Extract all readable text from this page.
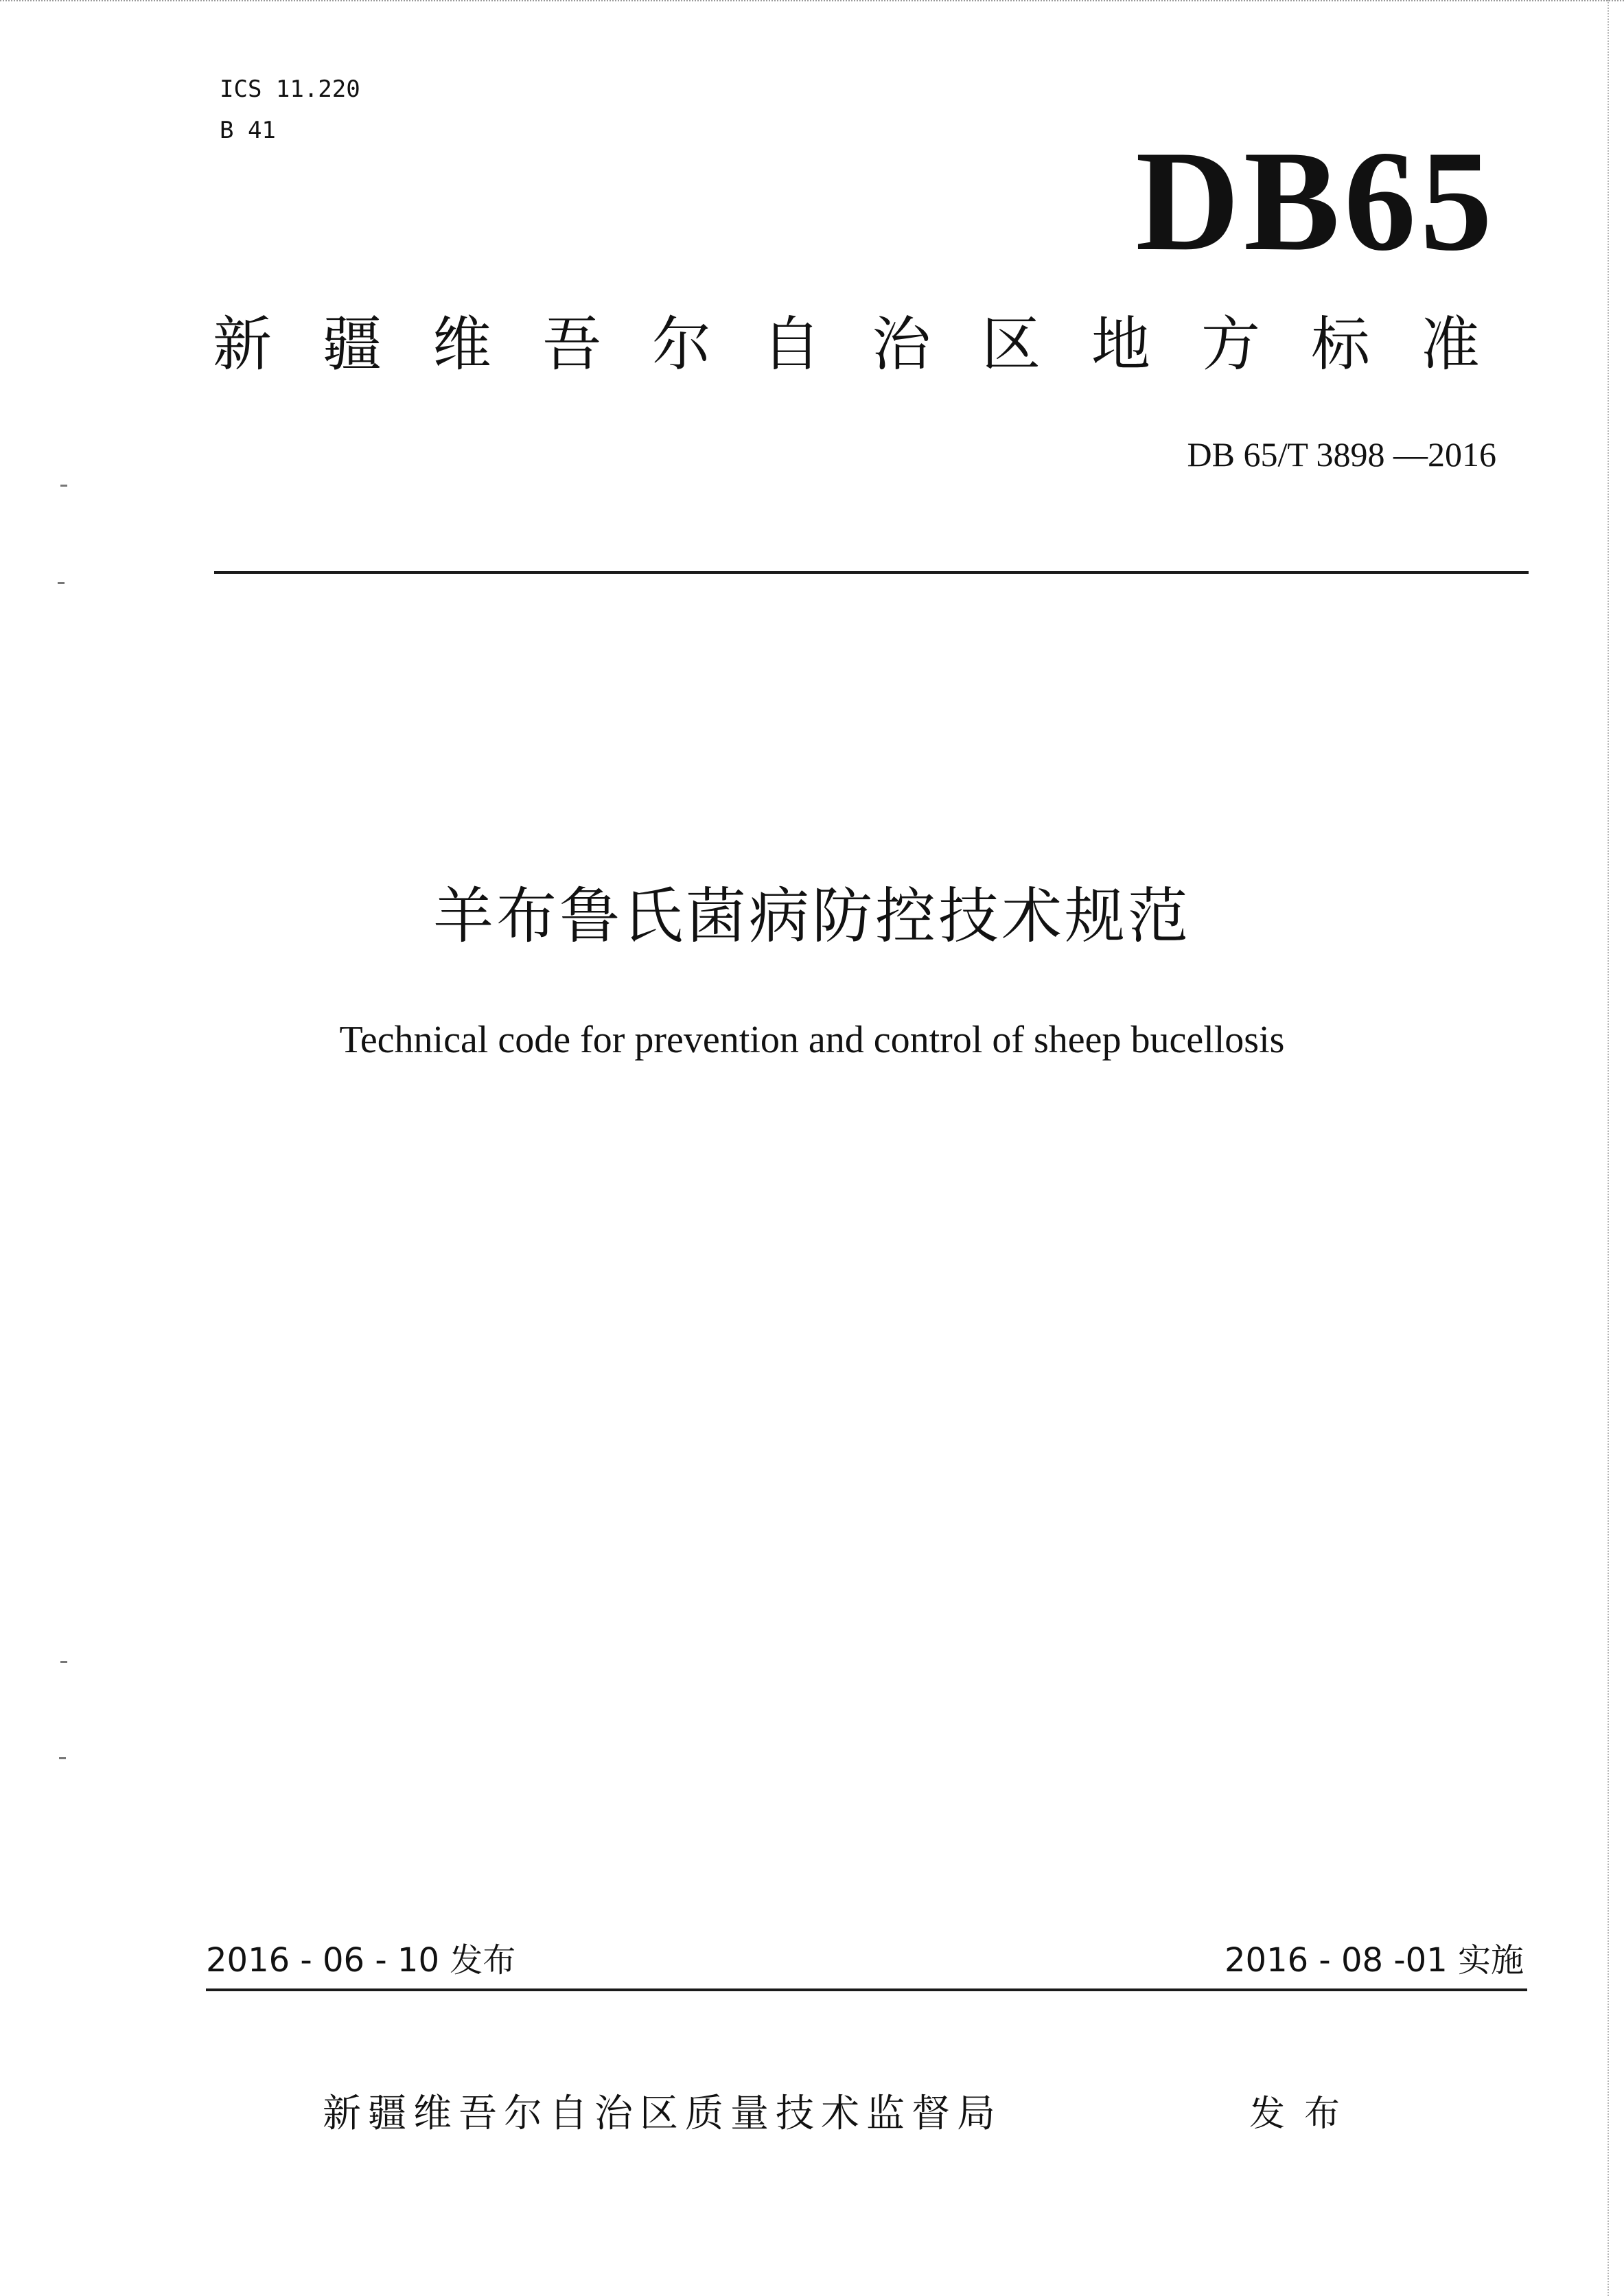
ICS 11.220
B 41	DB65
新疆维吾尔自治区地方标准
DB 65/T 3898 —2016
羊布鲁氏菌病防控技术规范
Technical code for prevention and control of sheep bucellosis
2016 - 06 - 10 发布	2016 - 08 -01 实施
新疆维吾尔自治区质量技术监督局	发布
